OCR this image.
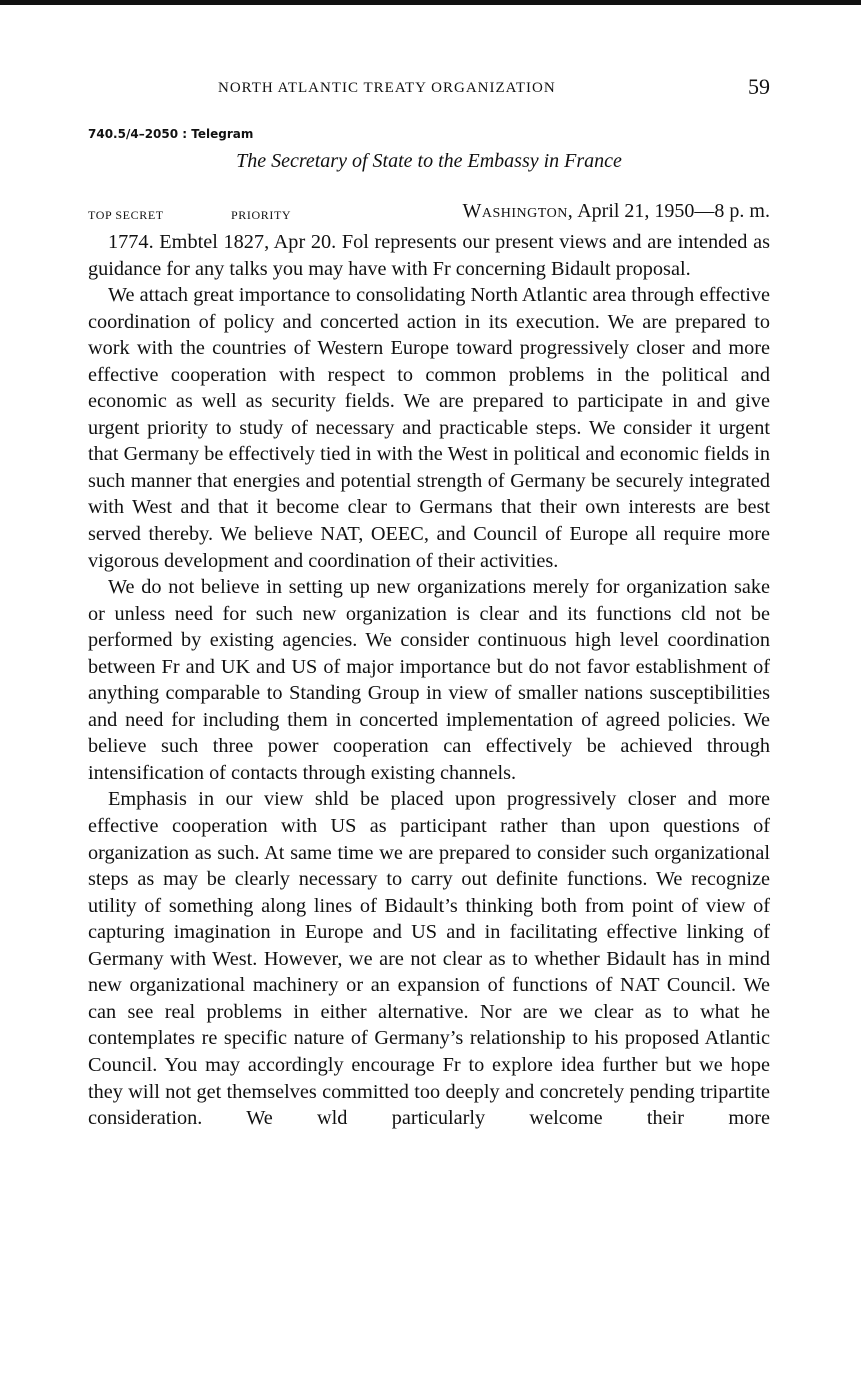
NORTH ATLANTIC TREATY ORGANIZATION	59
740.5/4–2050 : Telegram
The Secretary of State to the Embassy in France
TOP SECRET	PRIORITY	Washington, April 21, 1950—8 p. m.

1774. Embtel 1827, Apr 20. Fol represents our present views and are intended as guidance for any talks you may have with Fr concerning Bidault proposal.

We attach great importance to consolidating North Atlantic area through effective coordination of policy and concerted action in its execution. We are prepared to work with the countries of Western Europe toward progressively closer and more effective cooperation with respect to common problems in the political and economic as well as security fields. We are prepared to participate in and give urgent priority to study of necessary and practicable steps. We consider it urgent that Germany be effectively tied in with the West in political and economic fields in such manner that energies and potential strength of Germany be securely integrated with West and that it become clear to Germans that their own interests are best served thereby. We believe NAT, OEEC, and Council of Europe all require more vigorous development and coordination of their activities.

We do not believe in setting up new organizations merely for organization sake or unless need for such new organization is clear and its functions cld not be performed by existing agencies. We consider continuous high level coordination between Fr and UK and US of major importance but do not favor establishment of anything comparable to Standing Group in view of smaller nations susceptibilities and need for including them in concerted implementation of agreed policies. We believe such three power cooperation can effectively be achieved through intensification of contacts through existing channels.

Emphasis in our view shld be placed upon progressively closer and more effective cooperation with US as participant rather than upon questions of organization as such. At same time we are prepared to consider such organizational steps as may be clearly necessary to carry out definite functions. We recognize utility of something along lines of Bidault’s thinking both from point of view of capturing imagination in Europe and US and in facilitating effective linking of Germany with West. However, we are not clear as to whether Bidault has in mind new organizational machinery or an expansion of functions of NAT Council. We can see real problems in either alternative. Nor are we clear as to what he contemplates re specific nature of Germany’s relationship to his proposed Atlantic Council. You may accordingly encourage Fr to explore idea further but we hope they will not get themselves committed too deeply and concretely pending tripartite consideration. We wld particularly welcome their more
